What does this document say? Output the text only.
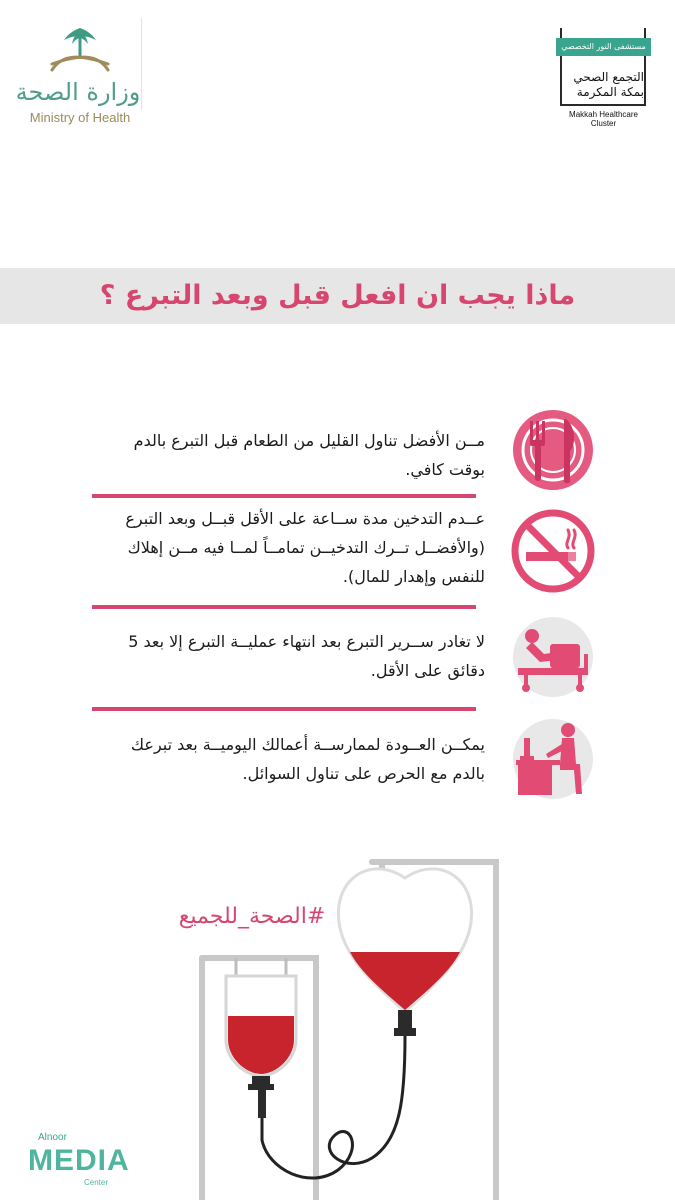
وزارة الصحة
Ministry of Health
مستشفى النور التخصصي
التجمع الصحي
بمكة المكرمة
Makkah Healthcare Cluster
ماذا يجب ان افعل قبل وبعد التبرع ؟
مــن الأفضل تناول القليل من الطعام قبل التبرع بالدم بوقت كافي.
عــدم التدخين مدة ســاعة على الأقل قبــل وبعد التبرع (والأفضــل تــرك التدخيــن تمامــاً لمــا فيه مــن إهلاك للنفس وإهدار للمال).
لا تغادر ســرير التبرع بعد انتهاء عمليــة التبرع إلا بعد 5 دقائق على الأقل.
يمكــن العــودة لممارســة أعمالك اليوميــة بعد تبرعك بالدم مع الحرص على تناول السوائل.
#الصحة_للجميع
Alnoor
MEDIA
Center
